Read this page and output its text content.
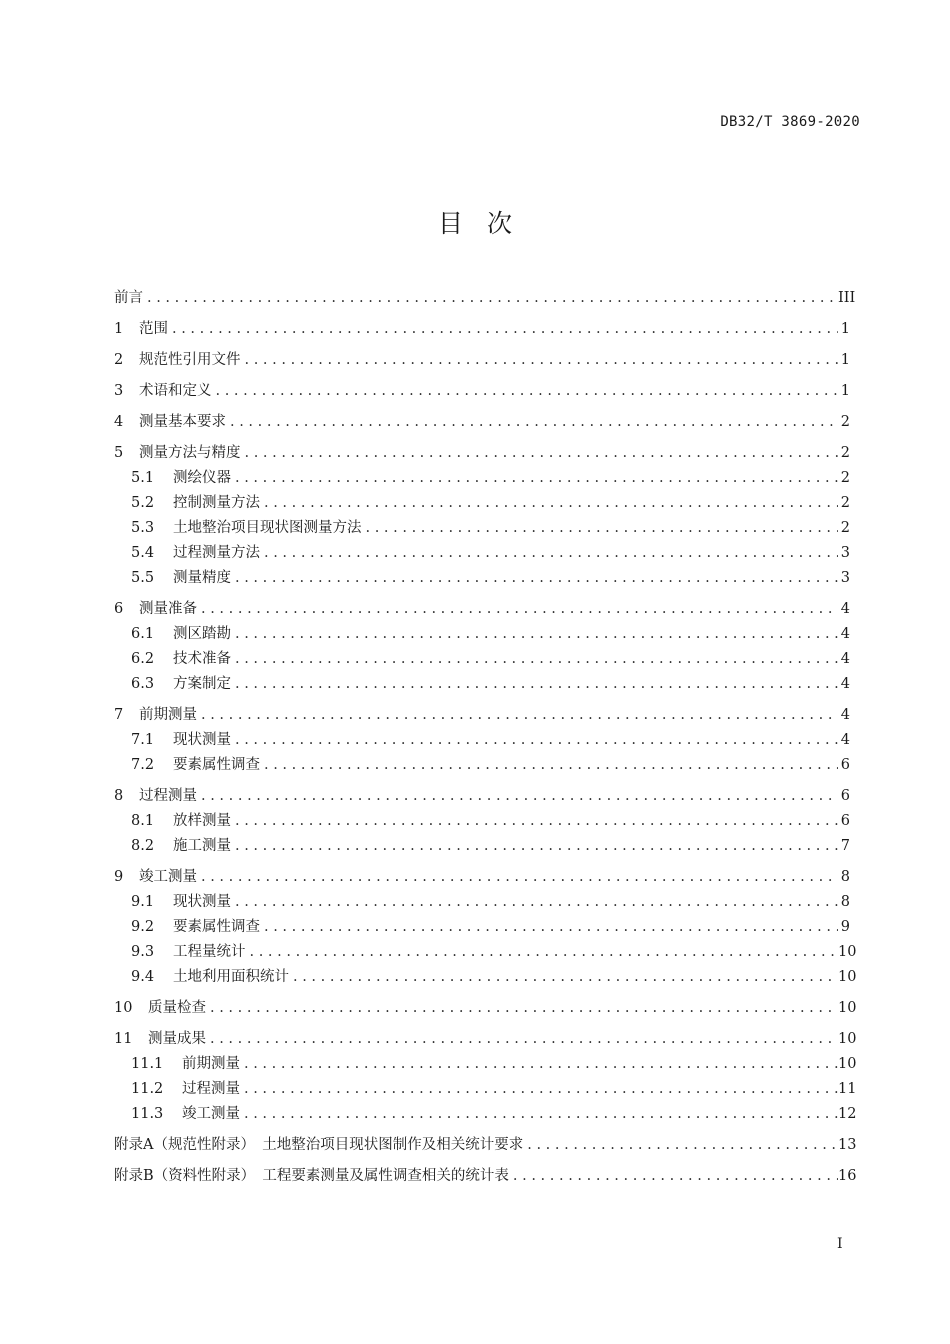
DB32/T 3869-2020
目次
前言 . . .	III
1	范围 . . .	1
2	规范性引用文件 . . .	1
3	术语和定义 . . .	1
4	测量基本要求 . . .	2
5	测量方法与精度 . . .	2
5.1	测绘仪器 . . .	2
5.2	控制测量方法 . . .	2
5.3	土地整治项目现状图测量方法 . . .	2
5.4	过程测量方法 . . .	3
5.5	测量精度 . . .	3
6	测量准备 . . .	4
6.1	测区踏勘 . . .	4
6.2	技术准备 . . .	4
6.3	方案制定 . . .	4
7	前期测量 . . .	4
7.1	现状测量 . . .	4
7.2	要素属性调查 . . .	6
8	过程测量 . . .	6
8.1	放样测量 . . .	6
8.2	施工测量 . . .	7
9	竣工测量 . . .	8
9.1	现状测量 . . .	8
9.2	要素属性调查 . . .	9
9.3	工程量统计 . . .	10
9.4	土地利用面积统计 . . .	10
10	质量检查 . . .	10
11	测量成果 . . .	10
11.1	前期测量 . . .	10
11.2	过程测量 . . .	11
11.3	竣工测量 . . .	12
附录A（规范性附录）　土地整治项目现状图制作及相关统计要求 . . .	13
附录B（资料性附录）　工程要素测量及属性调查相关的统计表 . . .	16
I
